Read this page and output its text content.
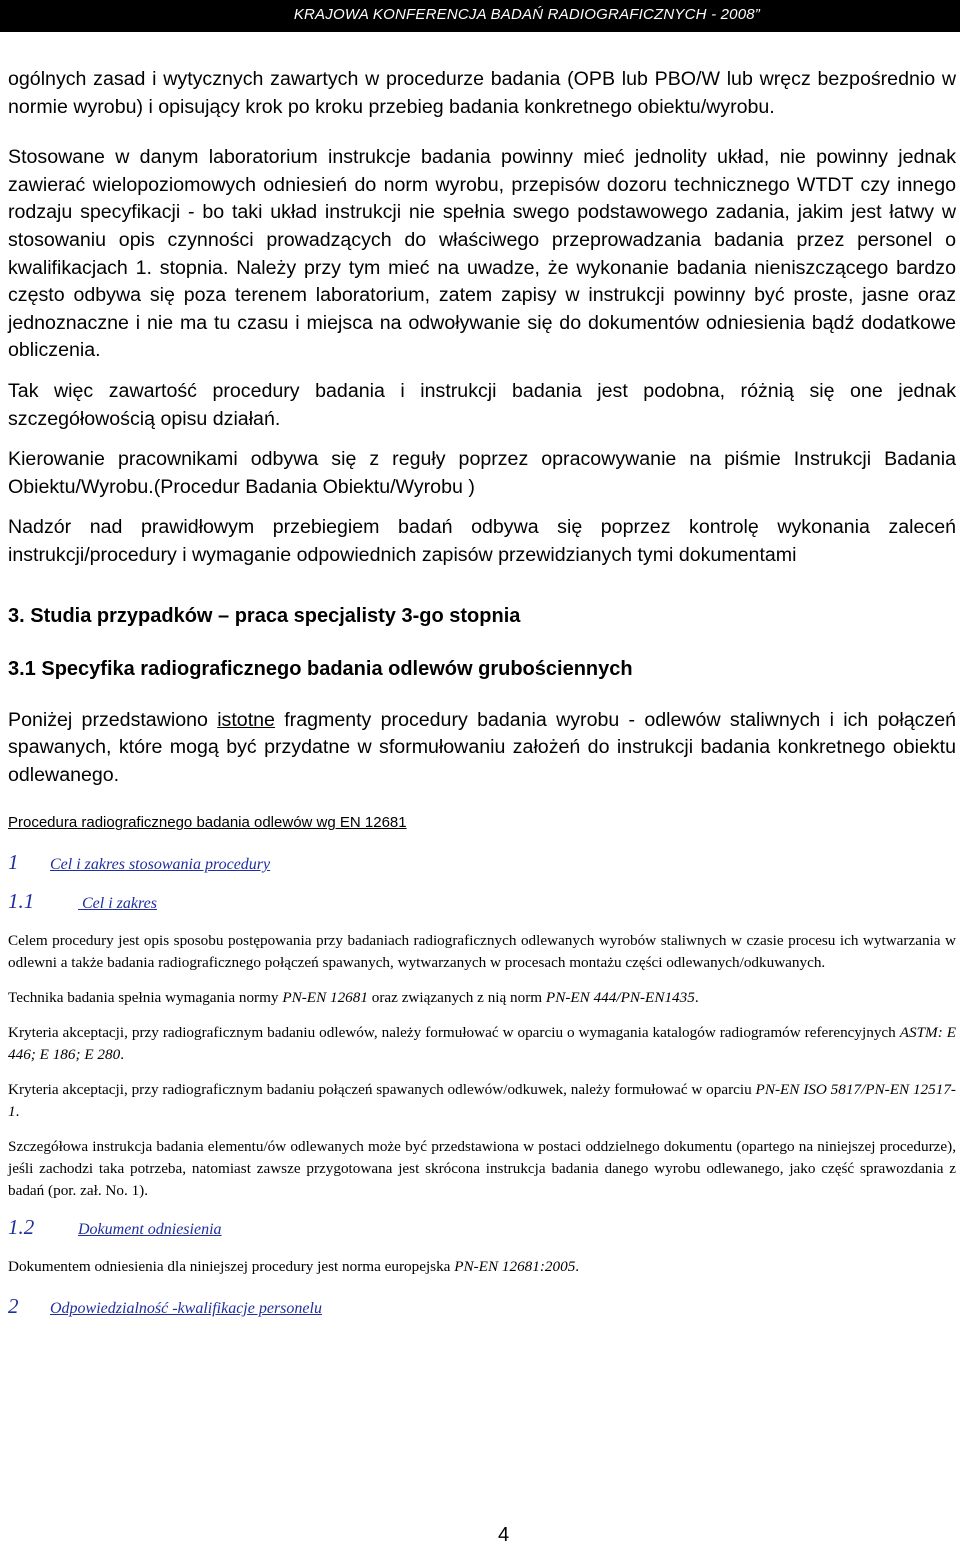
KRAJOWA KONFERENCJA BADAŃ RADIOGRAFICZNYCH - 2008”

ogólnych zasad i wytycznych zawartych w procedurze badania (OPB lub PBO/W lub wręcz bezpośrednio w normie wyrobu) i opisujący krok po kroku przebieg badania konkretnego obiektu/wyrobu.

Stosowane w danym laboratorium instrukcje badania powinny mieć jednolity układ, nie powinny jednak zawierać wielopoziomowych odniesień do norm wyrobu, przepisów dozoru technicznego WTDT czy innego rodzaju specyfikacji - bo taki układ instrukcji nie spełnia swego podstawowego zadania, jakim jest łatwy w stosowaniu opis czynności prowadzących do właściwego przeprowadzania badania przez personel o kwalifikacjach 1. stopnia. Należy przy tym mieć na uwadze, że wykonanie badania nieniszczącego bardzo często odbywa się poza terenem laboratorium, zatem zapisy w instrukcji powinny być proste, jasne oraz jednoznaczne i nie ma tu czasu i miejsca na odwoływanie się do dokumentów odniesienia bądź dodatkowe obliczenia.

Tak więc zawartość procedury badania i instrukcji badania jest podobna, różnią się one jednak szczegółowością opisu działań.

Kierowanie pracownikami odbywa się z reguły poprzez opracowywanie na piśmie Instrukcji Badania Obiektu/Wyrobu.(Procedur Badania Obiektu/Wyrobu )

Nadzór nad prawidłowym przebiegiem badań odbywa się poprzez kontrolę wykonania zaleceń instrukcji/procedury i wymaganie odpowiednich zapisów przewidzianych tymi dokumentami

3. Studia przypadków – praca specjalisty 3-go stopnia
3.1 Specyfika radiograficznego badania odlewów grubościennych

Poniżej przedstawiono istotne fragmenty procedury badania wyrobu - odlewów staliwnych i ich połączeń spawanych, które mogą być przydatne w sformułowaniu założeń do instrukcji badania konkretnego obiektu odlewanego.

Procedura radiograficznego badania odlewów wg EN 12681

1 Cel i zakres stosowania procedury

1.1	Cel i zakres

Celem procedury jest opis sposobu postępowania przy badaniach radiograficznych odlewanych wyrobów staliwnych w czasie procesu ich wytwarzania w odlewni a także badania radiograficznego połączeń spawanych, wytwarzanych w procesach montażu części odlewanych/odkuwanych.

Technika badania spełnia wymagania normy PN-EN 12681 oraz związanych z nią norm PN-EN 444/PN-EN1435.

Kryteria akceptacji, przy radiograficznym badaniu odlewów, należy formułować w oparciu o wymagania katalogów radiogramów referencyjnych ASTM: E 446; E 186; E 280.

Kryteria akceptacji, przy radiograficznym badaniu połączeń spawanych odlewów/odkuwek, należy formułować w oparciu PN-EN ISO 5817/PN-EN 12517-1.

Szczegółowa instrukcja badania elementu/ów odlewanych może być przedstawiona w postaci oddzielnego dokumentu (opartego na niniejszej procedurze), jeśli zachodzi taka potrzeba, natomiast zawsze przygotowana jest skrócona instrukcja badania danego wyrobu odlewanego, jako część sprawozdania z badań (por. zał. No. 1).

1.2	Dokument odniesienia

Dokumentem odniesienia dla niniejszej procedury jest norma europejska PN-EN 12681:2005.

2 Odpowiedzialność -kwalifikacje personelu

4
